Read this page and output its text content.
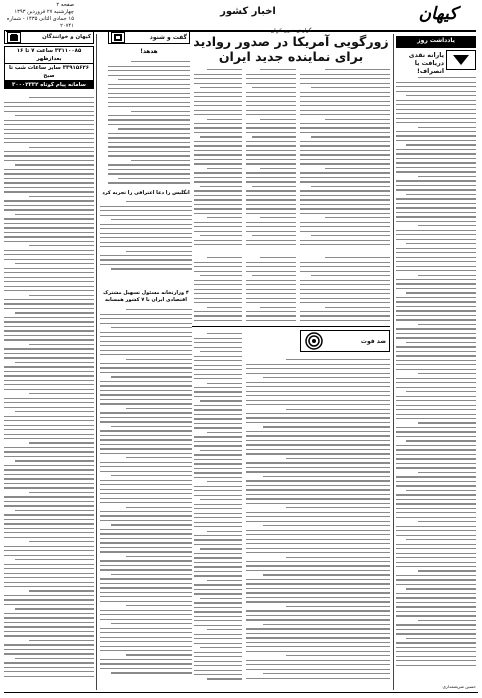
کیهان
اخبار کشور
صفحه ۲
چهارشنبه ۲۷ فروردین ۱۳۹۳
۱۵ جمادی الثانی ۱۴۳۵ - شماره ۲۰۷۴۱
یادداشت روز
یارانه نقدی
دریافت یا انصراف!
حسین شریعتمداری
گزارش خبری کیهان
زورگویی آمریکا در صدور روادید
برای نماینده جدید ایران
گفت و شنود
هدهد!
انگلیس را دعا اعترافی را تجربه کرد
کیهان و خوانندگان
۳۳۱۱۰۰۸۵ ساعت ۷ تا ۱۶ بعدازظهر
۳۳۹۱۵۶۲۶ سایر ساعات شب تا صبح
سامانه پیام کوتاه ۳۰۰۰۲۳۳۲
ضد فوت
۴ وزارتخانه مسئول تسهیل مشترک
اقتصادی ایران با ۷ کشور همسایه
